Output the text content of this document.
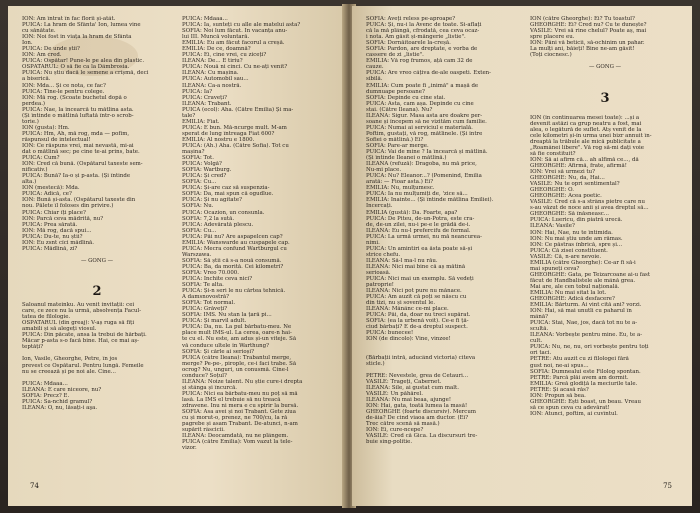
ION: Am întrat în fac florii și-atât.
PUICA: La hram de Sfânta' Ion, lumea vine
cu sănătate.
ION: Noi fost în viața la hram de Sfânta
Ion.
PUICA: De unde știi?
ION: Am cred.
PUICA: Ospătar! Pune-le pe alea din plastic.
OSPĂTARUL: O să fie ca la Dâmbrosia.
PUICA: Nu știu dacă le semene a crișmă, deci
a biserică.
ION: Mda... Și ce nota, ce fac?
PUICA: Tine-le pentru colege.
ION: Mă rog. (Scoate buchetul dopă o
perdea.)
PUICA: Nae, la încearcă tu mătlina asta.
(Și întinde o mătlină luftată într-o scrob-
torie.)
ION (gusta): Hm.
PUICA: Hm, Ah, mă rog, mda — pofim,
răspunsul de intelectual!
ION: Ce răspuns vrei, mai nevastă, mi-ai
dat o mătlină sec; pe cine te-ai prins, bate.
PUICA: Cum?
ION: Cred că bună. (Ospătarul taxeste sem-
nificativ.)
PUICA: Bună? Ia-o și p-asta. (Și întinde
alta.)
ION (mestecă): Mda.
PUICA: Adică, ce?
ION: Bună și-asta. (Ospătarul taxeste din
nou. Pălete îl foloses din privire.)
PUICA: Chiar îți place?
ION: Parcă ceva mădrită, nu?
PUICA: Prea sărată.
ION: Mă rog, dacă spui...
PUICA: Du-te, nu știi?
ION: Eu zsnt cîci mădlină.
PUICA: Mădlină, zi?
— GONG —
2
Saloanul mateinku. Au venit invitații: cei
care, ce zece nu la urmă, absolvența Facul-
tatea de filologie.
OSPĂTARUL (din greaj): V-aș ruga să fiți
amabili și să alegeți viosul.
PUICA: Din păcate, ansa la trebui de hărbați.
Măcar p-asta s-o facă bine. Hai, ce mai aș-
teptăți?
Ion, Vasile, Gheorghe, Petre, în jos
prevest ce Ospătarul. Pentru lungă. Femeile
nu se creează și pe noi ale. Cine...
PUICA: Mdaaa...
ILEANA: E care niceore, nu?
SOFIA: Precz? E.
PUICA: Sa-nchid gramul?
ILEANA: O, nu, lăsați-i aşa.
PUICA: Mdaaa...
PUICA: Ia, sunteți cu alle ale matelui asta?
SOFIA: Noi lum făcut. In vacanța anu-
lui III. Muncă voluntară.
EMILIA: Eu am făcut facorul a creșă.
EMILIA: De ce, doamnă?
PUICA: Ei, cine vrei, cu ziceți?
ILEANA: De... E tiriu?
PUICA: Nouă ni cinci. Cu ne-ați venit?
ILEANA: Cu mașina.
PUICA: Automobil sau...
ILEANA: Ca-a nostră.
PUICA: Ia?
PUICA: Craveți?
ILEANA: Trabant.
PUICA (ecol): Aha. (Către Emilia) Și ma-
tale?
EMILIA: Fiat.
PUICA: E bun. Mă-ncurge mult. M-am
sperat de lung întreaga Fiat 600?
EMILIA: Al nostru e 1800.
PUICA: (Ah.) Aha. (Către Sofia). Tot cu
mașina?
SOFIA: Tot.
PUICA: Volgă?
SOFIA: Wartburg.
PUICA: Și cred?
SOFIA: Cu...
PUICA: Și-are caz să suspenzia-
SOFIA: Da, mai spun că ogudlue.
PUICA: Și nu agitate?
SOFIA: Nu.
PUICA: Ocazion, un consunla.
SOFIA: 7,2 la sută.
PUICA: Adevărată plescu.
SOFIA: Cu...
PUICA: Păi nu? Are aspapelcen cap?
EMILIA: Wanswarde au cuspapele cap.
PUICA: Mecra confund Wartburgul cu
Warszawa.
SOFIA: Să știi că s-a nouă consumă.
PUICA: Ba, da morită. Cei kilometri?
SOFIA: Vreo 70.000.
PUICA: Închite ceva nici?
SOFIA: Te alta.
PUICA: Și-n seri le nu cărtea tehnică.
A damsnovostră?
SOFIA: Tot normal.
PUICA: Grăveți?
SOFIA: IMS. Nu stan la țară pi...
PUICA: Și marvil adult.
PUICA: Da, nu. La pul bărbatu-meu. Ne
place mult IMS-ul. La cerea, oare-n hai-
te cu el. Nu este, am adus și-un viteje. Să
vă conduce ultele în Warthung?
SOFIA: Și cărle ai serioși?
PUICA (către Ileana): Trabantul merge,
merge? Pe-pe-, pirople, ce-i faci trabe. Să
ocrog? Nu, unguri, un conusmă. Cine-l
conduce? Soțul?
ILEANA: Noize talent. Nu știe cure-i drepta
și stânga și încurcă.
PUICA: Nici ea bărbatu-meu nu poț să mă
lasă. La IMS el trebuie să nu treacă
zdravene. Inu ni mera e cu spirir la bursă.
SOFIA: Asa avei și noi Trabant. Gete ziua
cu și morut-o, prenez, ne 700/cu, la ră
pagrebe și asam Trabant. De-atunci, n-am
supărit râscicii.
ILEANA: Deocamdată, nu ne plângem.
PUICA (către Emilia): Vom vazut la tele-
vizor.
74
SOFIA: Aveți reless pe-aproape?
PUICA: Și, nu-i la Avenc de toate. Si-aflați
că la mă plângă, cfrodată, cea ceva ocaz-
i nota. Am găsit și-măngerie „listie".
SOFIA: Dornăitoarele la-creșă.
SOFIA: Pardon, are dreptate, e vorba de
cassere de zi „listie".
EMILIA: Vă rog frumos, ață cam 32 de
cauze.
PUICA: Are vreo câțiva de-ale oaspeti. Exten-
sibilă.
EMILIA: Cum poate fi „inimă" a mașă de
dumnuape persoane?
SOFIA: Depinde cu cine stai.
PUICA: Asta, cam așa. Depinde cu cine
stai. (Către Ileana). Nu?
ILEANA: Sigur. Masa asta are doakre per-
soane și începem să ne vizităm cum familie.
PUICA: Numai ai serviciul e materială.
Poftim, gustați, vă rog, mătlinele. (Și între
Sofiei o mătlină.) Ei?
SOFIA: Pare-ar merge.
PUICA: Vai de mine ? Ia încearcă și mătlină.
(Și întinde Ileanei o mătlină.)
ILEANA (refuză): Dragoba, nu mă price,
Nu-mi place.
PUICA: Nu? Eleanor...? (Pomenind, Emilia
arată: — Fioar asta.) Ei?
EMILIA: Nu, mulțumesc.
PUICA: Ia nu mulțumiți de, 'zice să...
EMILIA: Înainte... (Și întinde mătlina Emiliei).
Încercați.
EMILIA (gustă): Da. Foarte, apa?
PUICA: De Piteu, de-un-Potra, este cra-
de, de-un zilei, nu-i pe-e le grădă de-i.
ILEANA: Eu nu-l prefercifu de formal.
PUICA: La urmă urmei, nu mă neancurea-
nimi.
PUICA: Un amintiri ea ăsta poate să-și
strice chefu.
ILEANA: Să-l ma-l nu rău.
ILEANA: Nici mai bine că aș mătină
serioasă.
PUICA: Nici mai un exemplu. Să vedeți
patroprie!
ILEANA: Nici pot pure nu mănace.
PUICA: Am auzit că poți se născu cu
din tizi, nu și soventul le.
ILEANA: Mânânc ce-mi place.
PUICA: Păi, da, doar nu treci supărat.
SOFIA: (ea la urbenă voit). Ce-e fi ță-
ciud bărbați? E de-a dreptul suspect.
PUICA: bunecee!
ION (de dincolo): Vine, vinzee!
(Bărbații intră, aducând victoria) citeva
sticle.)
PETRE: Nevestele, grea de Cetauri...
VASILE: Trageți, Cabernet.
ILEANA: Sile, ai gustat cum malt.
VASILE: Un păhărel.
ILEANA: Nu mai beaa, ajunge!
ION: Hai, gata, toată lumea la masă!
GHEORGHE (foarte discursiv). Mercum
de-ăia? De cind viaoa am ductor. (Ei?
Trec către scenă să masă.)
ION: Ei, cure-ncepe?
VASILE: Cred că Gica. La discursuri tre-
buie sing-politie.
ION (către Gheorghe): Ei? Tu toastul?
GHEORGHE: Ei? Cred nu? Cu te dunește?
VASILE: Vrei să rine chelul? Poate aș, mai
spre placere eu.
ION: Păni vă beticii, să-ochinim un pahar.
La mulți ani, băieți! Bine ne-am găsit!
(Toți ciocnesc.)
— GONG —
3
ION (în continuarea mesei toate): ...și a
devenit astăzi ca grup neatru a fost, mai
alea, o legătură de suflet. Atș venit de la
cele kilometri și-în urma unei bizr annuit în-
dreaptă la trăbule ale mică publicitate a
„Roamânei libere". Vă rog să-mi dați voie
să fie constituit?
ION: Să ai afirm că... ah alfimă ce..., dă
GHEORGHE: Afirmă, frate, afirmă!
ION: Vrei să urmezi tu?
GHEORGHE: Nu, da, Hai...
VASILE: Nu te opri sentimental?
GHEORGHE: O.
GHEORGHE: Acea poetic.
VASILE: Cred că s-a strâns pietre care nu
s-au văzut de noce anii și avea dreptul să...
GHEORGHE: Să înăsneasc...
PUICA: Luericu, din piatră urecă.
ILEANA: Vasile?
ION: Hai, Nae, nu te întimida.
ION: Nu mai știu unde am rămas.
ION: Ce păstras înbrică, spre și...
PUICA: Că zisei constituent.
VASILE: Că, n-are nevoie.
EMILIA (către Gheorghe): Ce-ar fi să-i
mai spuneți ceva?
GHEORGHE: Gata, pe Teizarcoane ai-u fast
făcut de Handbalistele ale mână grea.
Mai are, ale cen tobul națională.
EMILIA: Nu mai sitat la lot.
GHEORGHE: Adică desfacere?
EMILIA: Bărturm. Ai vint cită ani? vorzi.
ION: Hai, să mai unutli cu paharul în
mână?
PUICA: Stai, Nae, jos, dacă tot nu te a-
scultă.
ILEANA: Vorbește pentru mine. Eu, te a-
cult.
PUICA: Nu, ne, nu, ori vorbește pentru toți
ori taci.
PETRE: Atu auzit cu zi filologei fără
gust noi, ne-ai spus...
SOFIA: Dumnealui este Filolog spontan.
PETRE: Parcă plăi avem am dormit.
EMILIA: Greă glodiță la meciurile tale.
PETRE: Și acasă răs?
ION: Propun să bea.
GHEORGHE: Ești boast, un beau. Vreau
să ce spun ceva cu adevărat!
ION: Atunci, poftim, ai cuvîntul.
75
